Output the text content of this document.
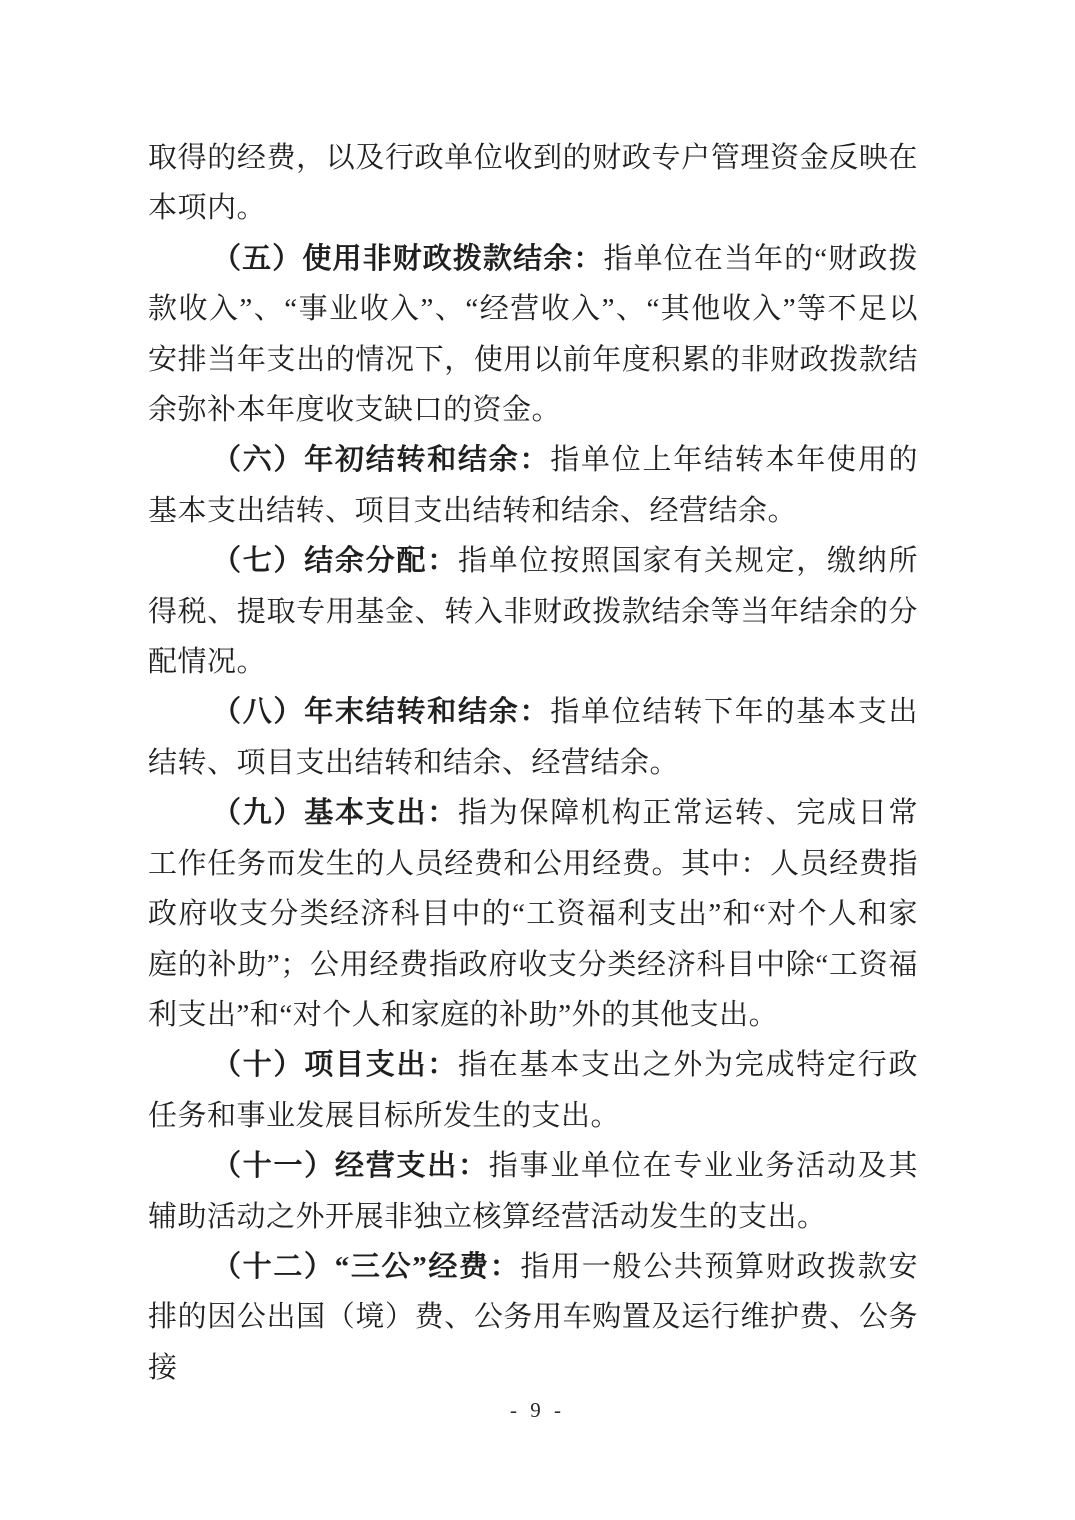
取得的经费，以及行政单位收到的财政专户管理资金反映在本项内。

（五）使用非财政拨款结余：指单位在当年的“财政拨款收入”、“事业收入”、“经营收入”、“其他收入”等不足以安排当年支出的情况下，使用以前年度积累的非财政拨款结余弥补本年度收支缺口的资金。

（六）年初结转和结余：指单位上年结转本年使用的基本支出结转、项目支出结转和结余、经营结余。

（七）结余分配：指单位按照国家有关规定，缴纳所得税、提取专用基金、转入非财政拨款结余等当年结余的分配情况。

（八）年末结转和结余：指单位结转下年的基本支出结转、项目支出结转和结余、经营结余。

（九）基本支出：指为保障机构正常运转、完成日常工作任务而发生的人员经费和公用经费。其中：人员经费指政府收支分类经济科目中的“工资福利支出”和“对个人和家庭的补助”；公用经费指政府收支分类经济科目中除“工资福利支出”和“对个人和家庭的补助”外的其他支出。

（十）项目支出：指在基本支出之外为完成特定行政任务和事业发展目标所发生的支出。

（十一）经营支出：指事业单位在专业业务活动及其辅助活动之外开展非独立核算经营活动发生的支出。

（十二）“三公”经费：指用一般公共预算财政拨款安排的因公出国（境）费、公务用车购置及运行维护费、公务接

- 9 -
